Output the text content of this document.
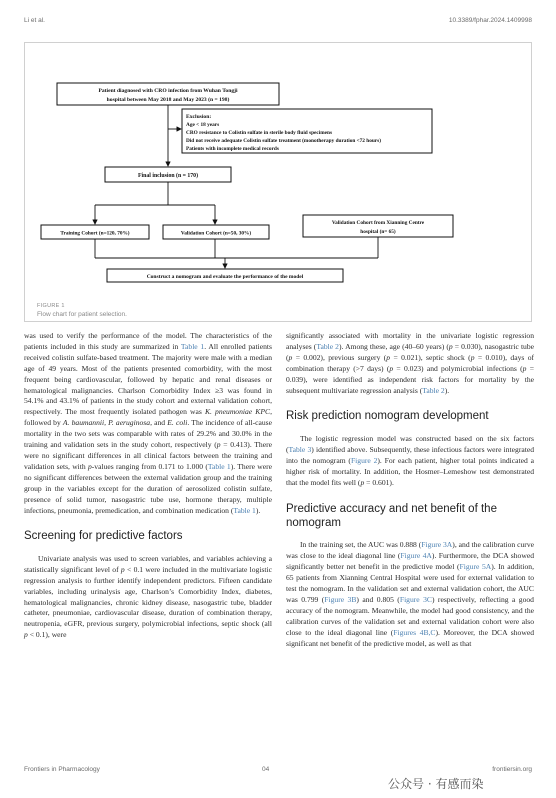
Li et al.	10.3389/fphar.2024.1409998
Patient diagnosed with CRO infection from Wuhan Tongji
hospital between May 2018 and May 2023 (n = 198)
Exclusion:
Age < 18 years
CRO resistance to Colistin sulfate in sterile body fluid specimens
Did not receive adequate Colistin sulfate treatment (monotherapy duration <72 hours)
Patients with incomplete medical records
Final inclusion (n = 170)
Training Cohort (n=120, 70%)	Validation Cohort (n=50, 30%)
Validation Cohort from Xianning Centre
hospital (n= 65)
Construct a nomogram and evaluate the performance of the model
FIGURE 1
Flow chart for patient selection.

was used to verify the performance of the model. The characteristics of the patients included in this study are summarized in Table 1. All enrolled patients received colistin sulfate-based treatment. The majority were male with a median age of 49 years. Most of the patients presented comorbidity, with the most frequent being cardiovascular, followed by hepatic and renal diseases or hematological malignancies. Charlson Comorbidity Index ≥3 was found in 54.1% and 43.1% of patients in the study cohort and external validation cohort, respectively. The most frequently isolated pathogen was K. pneumoniae KPC, followed by A. baumannii, P. aeruginosa, and E. coli. The incidence of all-cause mortality in the two sets was comparable with rates of 29.2% and 30.0% in the training and validation sets in the study cohort, respectively (p = 0.413). There were no significant differences in all clinical factors between the training and validation sets, with p-values ranging from 0.171 to 1.000 (Table 1). There were no significant differences between the external validation group and the training group in the variables except for the duration of aerosolized colistin sulfate, presence of solid tumor, nasogastric tube use, hormone therapy, multiple infections, pneumonia, premedication, and combination medication (Table 1).

Screening for predictive factors

Univariate analysis was used to screen variables, and variables achieving a statistically significant level of p < 0.1 were included in the multivariate logistic regression analysis to further identify independent predictors. Fifteen candidate variables, including urinalysis age, Charlson’s Comorbidity Index, diabetes, hematological malignancies, chronic kidney disease, nasogastric tube, bladder catheter, pneumoniae, cardiovascular disease, duration of combination therapy, neutropenia, eGFR, previous surgery, polymicrobial infections, septic shock (all p < 0.1), were

significantly associated with mortality in the univariate logistic regression analyses (Table 2). Among these, age (40–60 years) (p = 0.030), nasogastric tube (p = 0.002), previous surgery (p = 0.021), septic shock (p = 0.010), days of combination therapy (>7 days) (p = 0.023) and polymicrobial infections (p = 0.039), were identified as independent risk factors for mortality by the subsequent multivariate regression analysis (Table 2).

Risk prediction nomogram development

The logistic regression model was constructed based on the six factors (Table 3) identified above. Subsequently, these infectious factors were integrated into the nomogram (Figure 2). For each patient, higher total points indicated a higher risk of mortality. In addition, the Hosmer–Lemeshow test demonstrated that the model fits well (p = 0.601).

Predictive accuracy and net benefit of the nomogram

In the training set, the AUC was 0.888 (Figure 3A), and the calibration curve was close to the ideal diagonal line (Figure 4A). Furthermore, the DCA showed significantly better net benefit in the predictive model (Figure 5A). In addition, 65 patients from Xianning Central Hospital were used for external validation to test the nomogram. In the validation set and external validation cohort, the AUC was 0.799 (Figure 3B) and 0.805 (Figure 3C) respectively, reflecting a good accuracy of the nomogram. Meanwhile, the model had good consistency, and the calibration curves of the validation set and external validation cohort were also close to the ideal diagonal line (Figures 4B,C). Moreover, the DCA showed significant net benefit of the predictive model, as well as that

Frontiers in Pharmacology	04	frontiersin.org
公众号 · 有感而染
